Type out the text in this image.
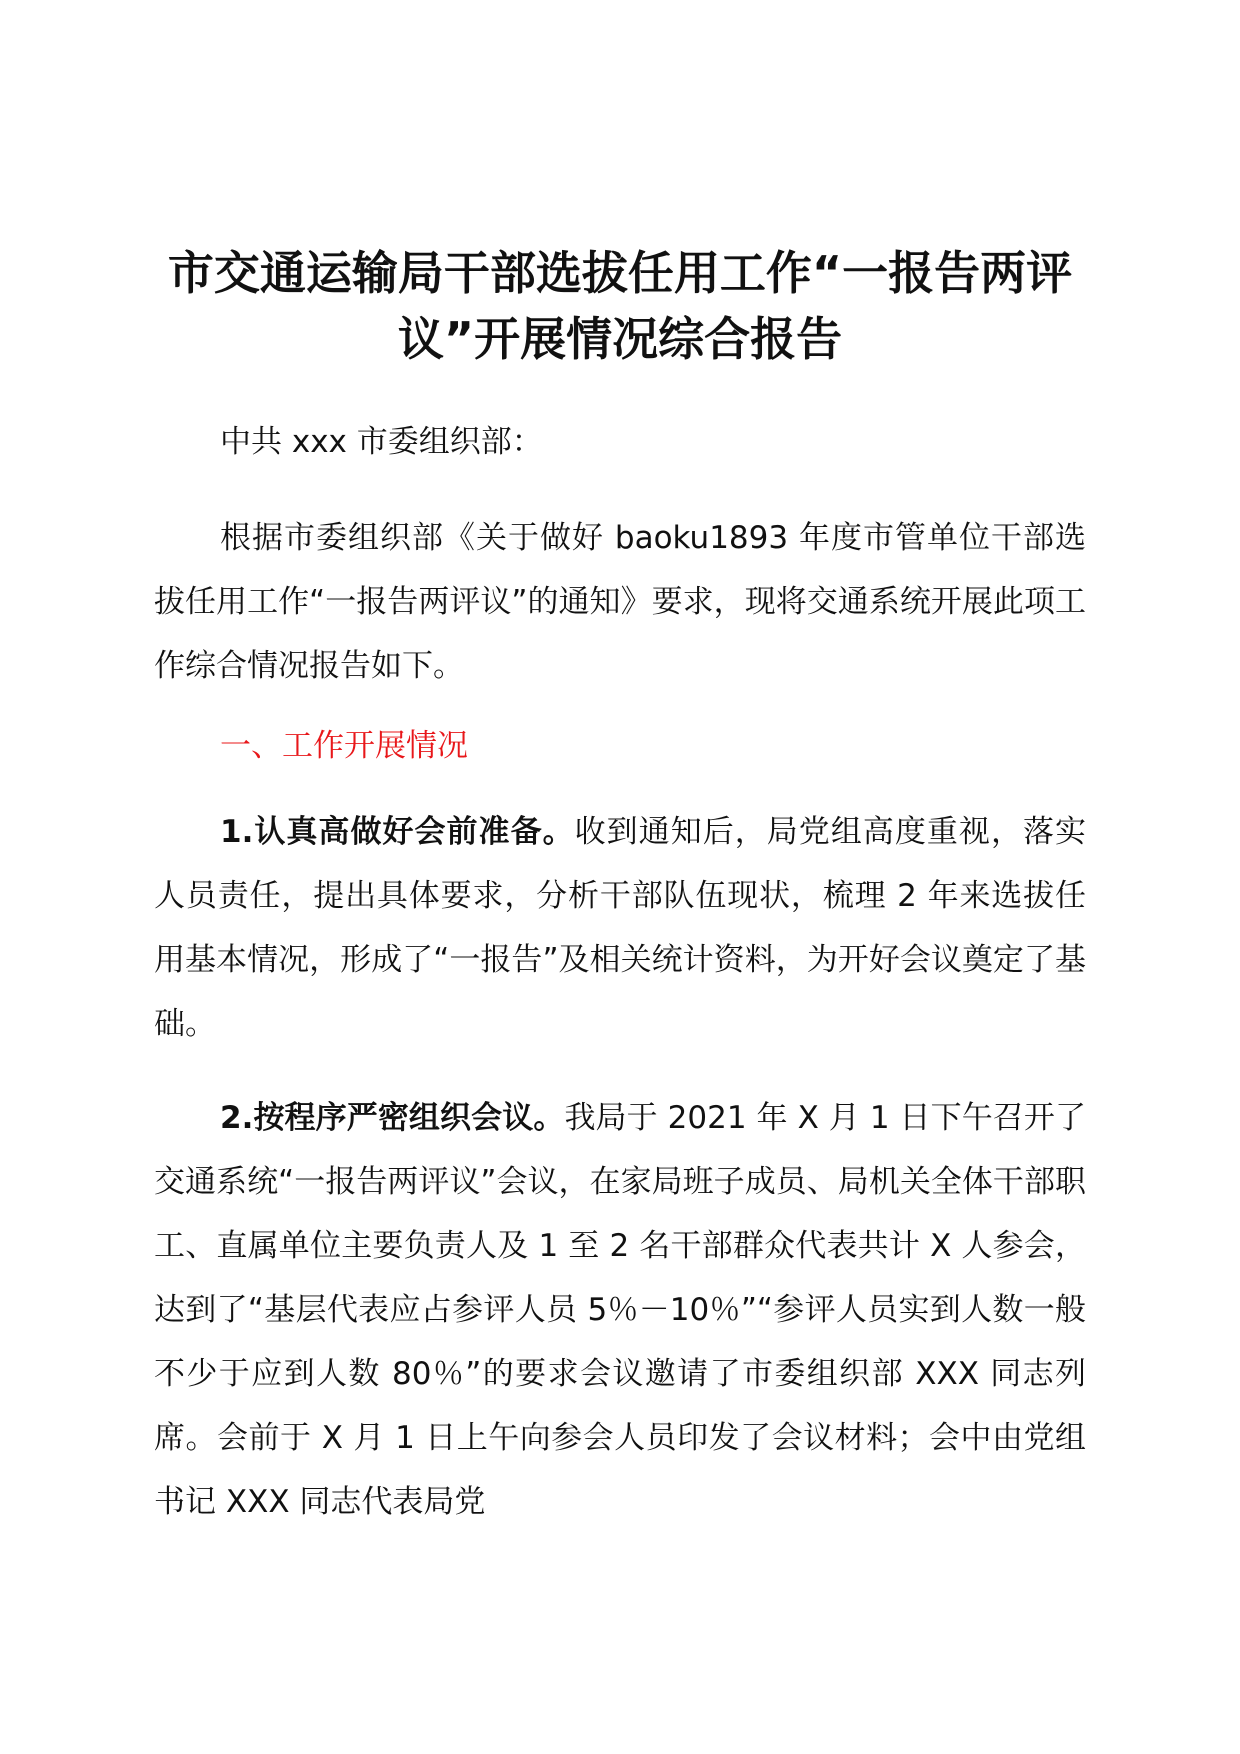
市交通运输局干部选拔任用工作“一报告两评议”开展情况综合报告

中共 xxx 市委组织部：

根据市委组织部《关于做好 baoku1893 年度市管单位干部选拔任用工作“一报告两评议”的通知》要求，现将交通系统开展此项工作综合情况报告如下。

一、工作开展情况

1.认真高做好会前准备。收到通知后，局党组高度重视，落实人员责任，提出具体要求，分析干部队伍现状，梳理 2 年来选拔任用基本情况，形成了“一报告”及相关统计资料，为开好会议奠定了基础。

2.按程序严密组织会议。我局于 2021 年 X 月 1 日下午召开了交通系统“一报告两评议”会议，在家局班子成员、局机关全体干部职工、直属单位主要负责人及 1 至 2 名干部群众代表共计 X 人参会，达到了“基层代表应占参评人员 5％－10％”“参评人员实到人数一般不少于应到人数 80％”的要求会议邀请了市委组织部 XXX 同志列席。会前于 X 月 1 日上午向参会人员印发了会议材料；会中由党组书记 XXX 同志代表局党
